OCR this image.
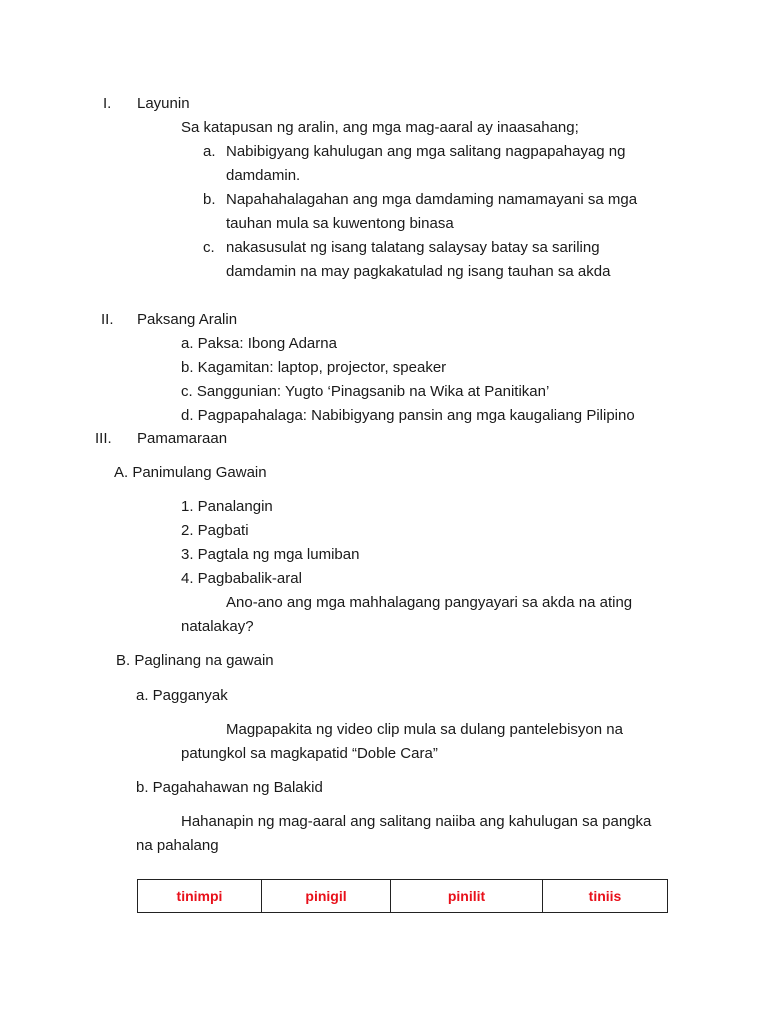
I. Layunin
Sa katapusan ng aralin, ang mga mag-aaral ay inaasahang;
a. Nabibigyang kahulugan ang mga salitang nagpapahayag ng
damdamin.
b. Napahahalagahan ang mga damdaming namamayani sa mga
tauhan mula sa kuwentong binasa
c. nakasusulat ng isang talatang salaysay batay sa sariling
damdamin na may pagkakatulad ng isang tauhan sa akda
II. Paksang Aralin
a. Paksa: Ibong Adarna
b. Kagamitan: laptop, projector, speaker
c. Sanggunian: Yugto ‘Pinagsanib na Wika at Panitikan’
d. Pagpapahalaga: Nabibigyang pansin ang mga kaugaliang Pilipino
III. Pamamaraan
A. Panimulang Gawain
1. Panalangin
2. Pagbati
3. Pagtala ng mga lumiban
4. Pagbabalik-aral
Ano-ano ang mga mahhalagang pangyayari sa akda na ating
natalakay?
B. Paglinang na gawain
a. Pagganyak
Magpapakita ng video clip mula sa dulang pantelebisyon na
patungkol sa magkapatid “Doble Cara”
b. Pagahahawan ng Balakid
Hahanapin ng mag-aaral ang salitang naiiba ang kahulugan sa pangka
na pahalang
tinimpi	pinigil	pinilit	tiniis
